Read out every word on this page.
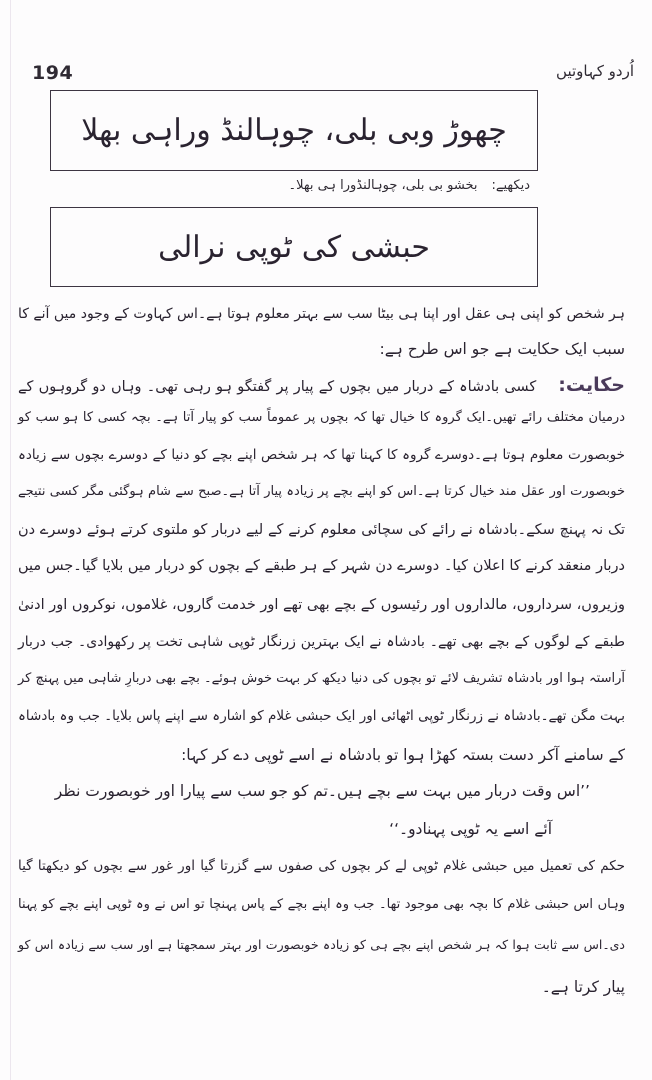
194	اُردو کہاوتیں
چھوڑ وبی بلی، چوہالنڈ وراہی بھلا
دیکھیے:بخشو بی بلی، چوہالنڈورا ہی بھلا۔
حبشی کی ٹوپی نرالی
ہر شخص کو اپنی ہی عقل اور اپنا ہی بیٹا سب سے بہتر معلوم ہوتا ہے۔اس کہاوت کے وجود میں آنے کا
سبب ایک حکایت ہے جو اس طرح ہے:
حکایت:کسی بادشاہ کے دربار میں بچوں کے پیار پر گفتگو ہو رہی تھی۔ وہاں دو گروہوں کے
درمیان مختلف رائے تھیں۔ایک گروہ کا خیال تھا کہ بچوں پر عموماً سب کو پیار آتا ہے۔ بچہ کسی کا ہو سب کو
خوبصورت معلوم ہوتا ہے۔دوسرے گروہ کا کہنا تھا کہ ہر شخص اپنے بچے کو دنیا کے دوسرے بچوں سے زیادہ
خوبصورت اور عقل مند خیال کرتا ہے۔اس کو اپنے بچے پر زیادہ پیار آتا ہے۔صبح سے شام ہوگئی مگر کسی نتیجے
تک نہ پہنچ سکے۔بادشاہ نے رائے کی سچائی معلوم کرنے کے لیے دربار کو ملتوی کرتے ہوئے دوسرے دن
دربار منعقد کرنے کا اعلان کیا۔ دوسرے دن شہر کے ہر طبقے کے بچوں کو دربار میں بلایا گیا۔جس میں
وزیروں، سرداروں، مالداروں اور رئیسوں کے بچے بھی تھے اور خدمت گاروں، غلاموں، نوکروں اور ادنیٰ
طبقے کے لوگوں کے بچے بھی تھے۔ بادشاہ نے ایک بہترین زرنگار ٹوپی شاہی تخت پر رکھوادی۔ جب دربار
آراستہ ہوا اور بادشاہ تشریف لائے تو بچوں کی دنیا دیکھ کر بہت خوش ہوئے۔ بچے بھی دربارِ شاہی میں پہنچ کر
بہت مگن تھے۔بادشاہ نے زرنگار ٹوپی اٹھائی اور ایک حبشی غلام کو اشارہ سے اپنے پاس بلایا۔ جب وہ بادشاہ
کے سامنے آکر دست بستہ کھڑا ہوا تو بادشاہ نے اسے ٹوپی دے کر کہا:
’’اس وقت دربار میں بہت سے بچے ہیں۔تم کو جو سب سے پیارا اور خوبصورت نظر
آئے اسے یہ ٹوپی پہنادو۔‘‘
حکم کی تعمیل میں حبشی غلام ٹوپی لے کر بچوں کی صفوں سے گزرتا گیا اور غور سے بچوں کو دیکھتا گیا
وہاں اس حبشی غلام کا بچہ بھی موجود تھا۔ جب وہ اپنے بچے کے پاس پہنچا تو اس نے وہ ٹوپی اپنے بچے کو پہنا
دی۔اس سے ثابت ہوا کہ ہر شخص اپنے بچے ہی کو زیادہ خوبصورت اور بہتر سمجھتا ہے اور سب سے زیادہ اس کو
پیار کرتا ہے۔
